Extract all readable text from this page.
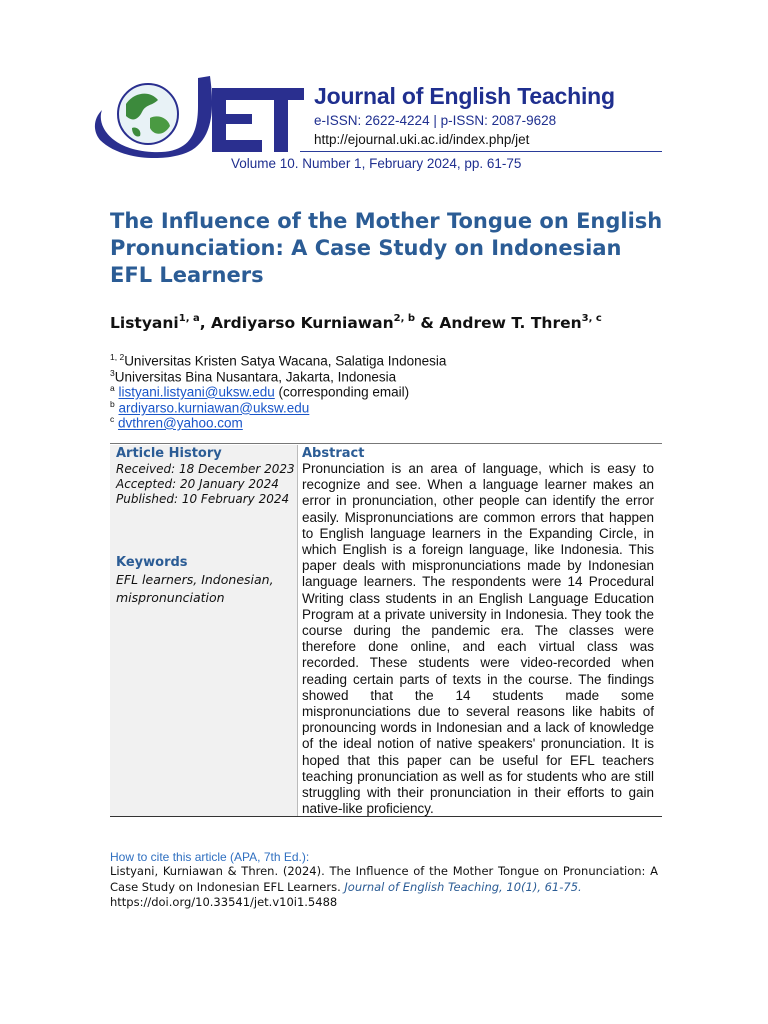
JET
Journal of English Teaching
e-ISSN: 2622-4224 | p-ISSN: 2087-9628
http://ejournal.uki.ac.id/index.php/jet
Volume 10. Number 1, February 2024, pp. 61-75
The Influence of the Mother Tongue on English
Pronunciation: A Case Study on Indonesian
EFL Learners
Listyani$^{1, a}$, Ardiyarso Kurniawan$^{2, b}$ & Andrew T. Thren$^{3, c}$
$^{1, 2}$Universitas Kristen Satya Wacana, Salatiga Indonesia
$^3$Universitas Bina Nusantara, Jakarta, Indonesia
$^a$ listyani.listyani@uksw.edu (corresponding email)
$^b$ ardiyarso.kurniawan@uksw.edu
$^c$ dvthren@yahoo.com
Article History
Received: 18 December 2023
Accepted: 20 January 2024
Published: 10 February 2024
Keywords
EFL learners, Indonesian, mispronunciation
Abstract
Pronunciation is an area of language, which is easy to recognize and see. When a language learner makes an error in pronunciation, other people can identify the error easily. Mispronunciations are common errors that happen to English language learners in the Expanding Circle, in which English is a foreign language, like Indonesia. This paper deals with mispronunciations made by Indonesian language learners. The respondents were 14 Procedural Writing class students in an English Language Education Program at a private university in Indonesia. They took the course during the pandemic era. The classes were therefore done online, and each virtual class was recorded. These students were video-recorded when reading certain parts of texts in the course. The findings showed that the 14 students made some mispronunciations due to several reasons like habits of pronouncing words in Indonesian and a lack of knowledge of the ideal notion of native speakers' pronunciation. It is hoped that this paper can be useful for EFL teachers teaching pronunciation as well as for students who are still struggling with their pronunciation in their efforts to gain native-like proficiency.
How to cite this article (APA, 7th Ed.):
Listyani, Kurniawan & Thren. (2024). The Influence of the Mother Tongue on Pronunciation: A Case Study on Indonesian EFL Learners. Journal of English Teaching, 10(1), 61-75.
https://doi.org/10.33541/jet.v10i1.5488
